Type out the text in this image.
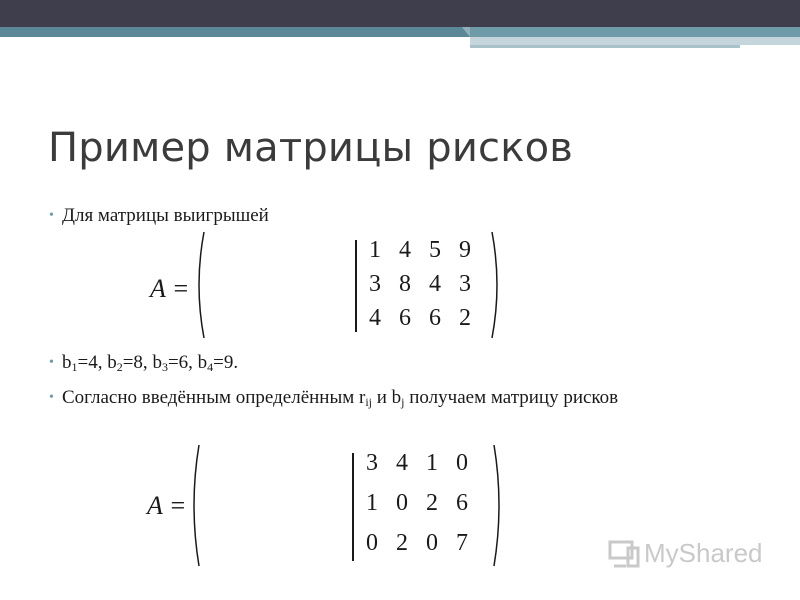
Пример матрицы рисков
• Для матрицы выигрышей
A =
1 4 5 9
3 8 4 3
4 6 6 2
• $b_1=4$, $b_2=8$, $b_3=6$, $b_4=9$.
• Согласно введённым определённым $r_{ij}$ и $b_j$ получаем матрицу рисков
A =
3 4 1 0
1 0 2 6
0 2 0 7	MyShared
